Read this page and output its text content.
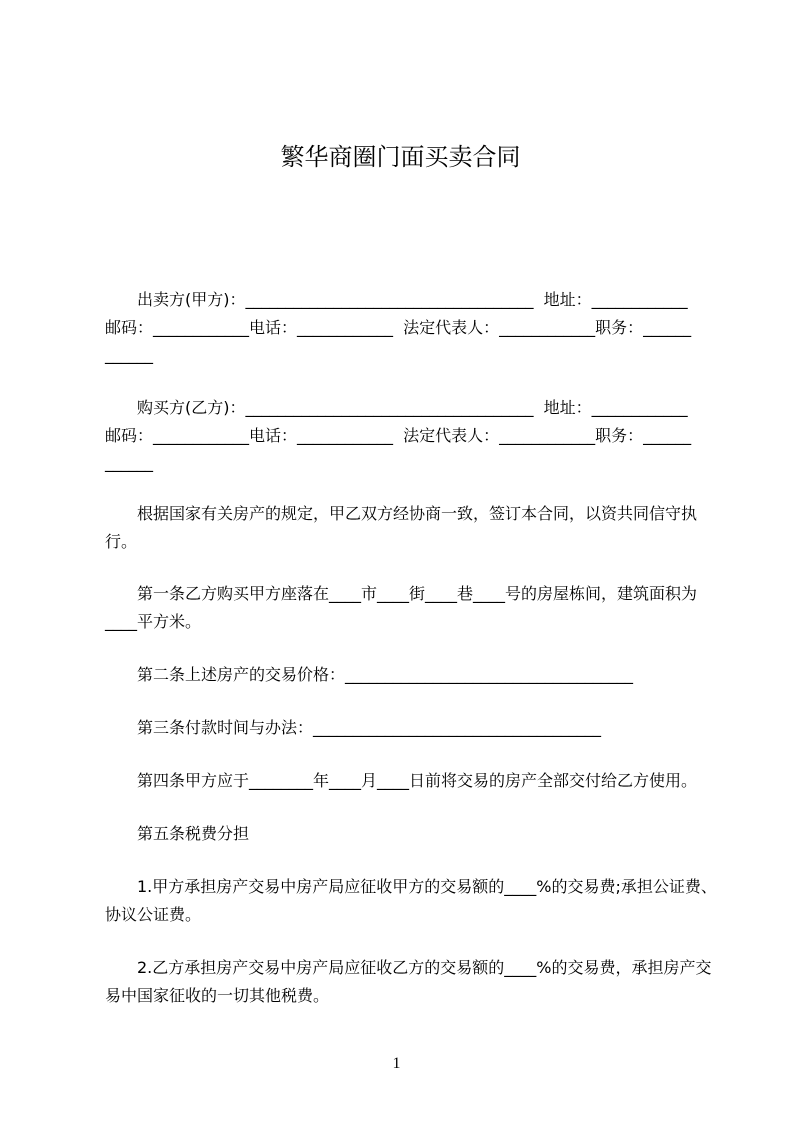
繁华商圈门面买卖合同
出卖方(甲方)：____________________________________  地址：____________
邮码：____________电话：____________  法定代表人：____________职务：______
______
购买方(乙方)：____________________________________  地址：____________
邮码：____________电话：____________  法定代表人：____________职务：______
______
根据国家有关房产的规定，甲乙双方经协商一致，签订本合同，以资共同信守执
行。
第一条乙方购买甲方座落在____市____街____巷____号的房屋栋间，建筑面积为
____平方米。
第二条上述房产的交易价格：____________________________________
第三条付款时间与办法：____________________________________
第四条甲方应于________年____月____日前将交易的房产全部交付给乙方使用。
第五条税费分担
1.甲方承担房产交易中房产局应征收甲方的交易额的____%的交易费;承担公证费、
协议公证费。
2.乙方承担房产交易中房产局应征收乙方的交易额的____%的交易费，承担房产交
易中国家征收的一切其他税费。
1
